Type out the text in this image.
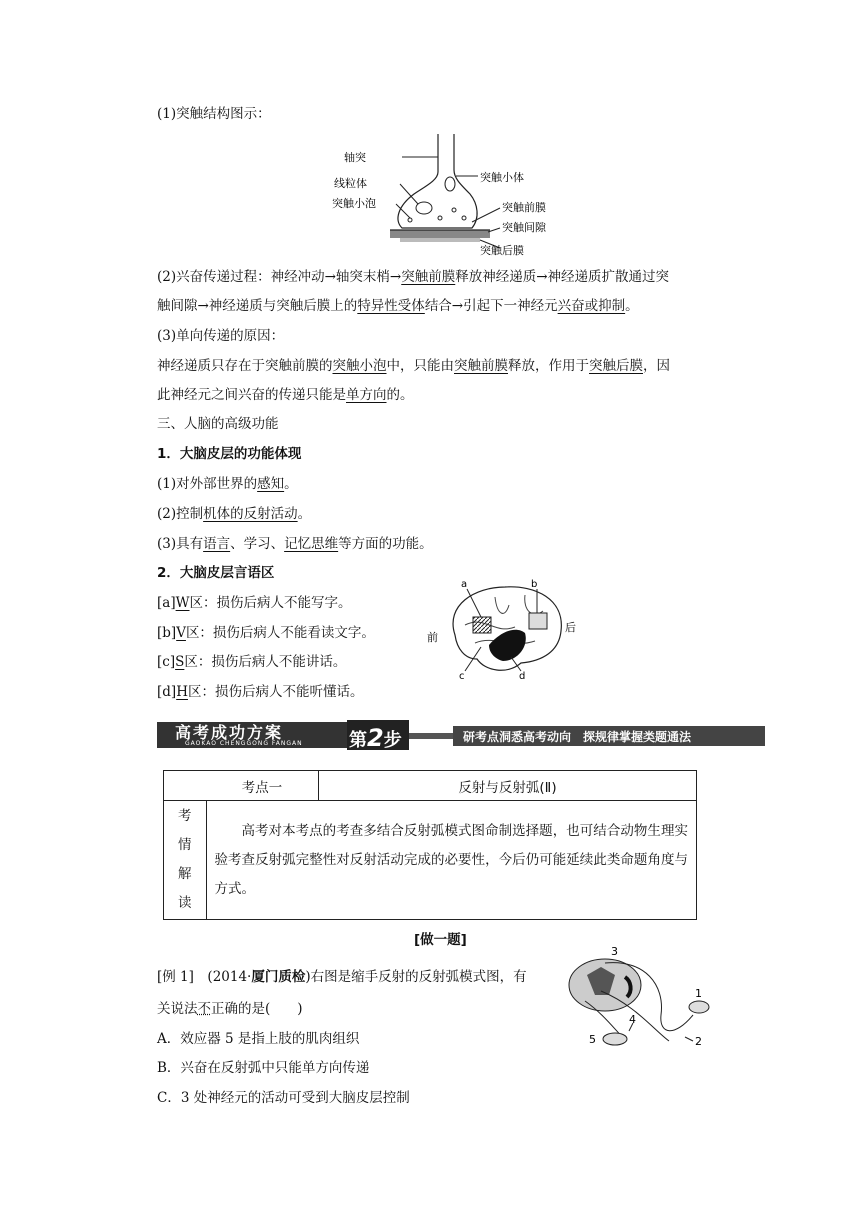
(1)突触结构图示：
轴突
线粒体
突触小泡
突触小体
突触前膜
突触间隙
突触后膜
(2)兴奋传递过程：神经冲动→轴突末梢→突触前膜释放神经递质→神经递质扩散通过突
触间隙→神经递质与突触后膜上的特异性受体结合→引起下一神经元兴奋或抑制。
(3)单向传递的原因：
神经递质只存在于突触前膜的突触小泡中，只能由突触前膜释放，作用于突触后膜，因
此神经元之间兴奋的传递只能是单方向的。
三、人脑的高级功能
1．大脑皮层的功能体现
(1)对外部世界的感知。
(2)控制机体的反射活动。
(3)具有语言、学习、记忆思维等方面的功能。
2．大脑皮层言语区
[a]W区：损伤后病人不能写字。
[b]V区：损伤后病人不能看读文字。
[c]S区：损伤后病人不能讲话。
[d]H区：损伤后病人不能听懂话。
a	b
c	d
前
后
高考成功方案
GAOKAO CHENGGONG FANGAN	第2步	研考点洞悉高考动向　探规律掌握类题通法
	考点一	反射与反射弧(Ⅱ)

考
情
解
读	高考对本考点的考查多结合反射弧模式图命制选择题，也可结合动物生理实验考查反射弧完整性对反射活动完成的必要性，今后仍可能延续此类命题角度与方式。	
[做一题]
[例 1]　 (2014·厦门质检)右图是缩手反射的反射弧模式图，有
关说法不正确的是(　　)
A．效应器 5 是指上肢的肌肉组织
B．兴奋在反射弧中只能单方向传递
C．3 处神经元的活动可受到大脑皮层控制
1
2
3
4
5
